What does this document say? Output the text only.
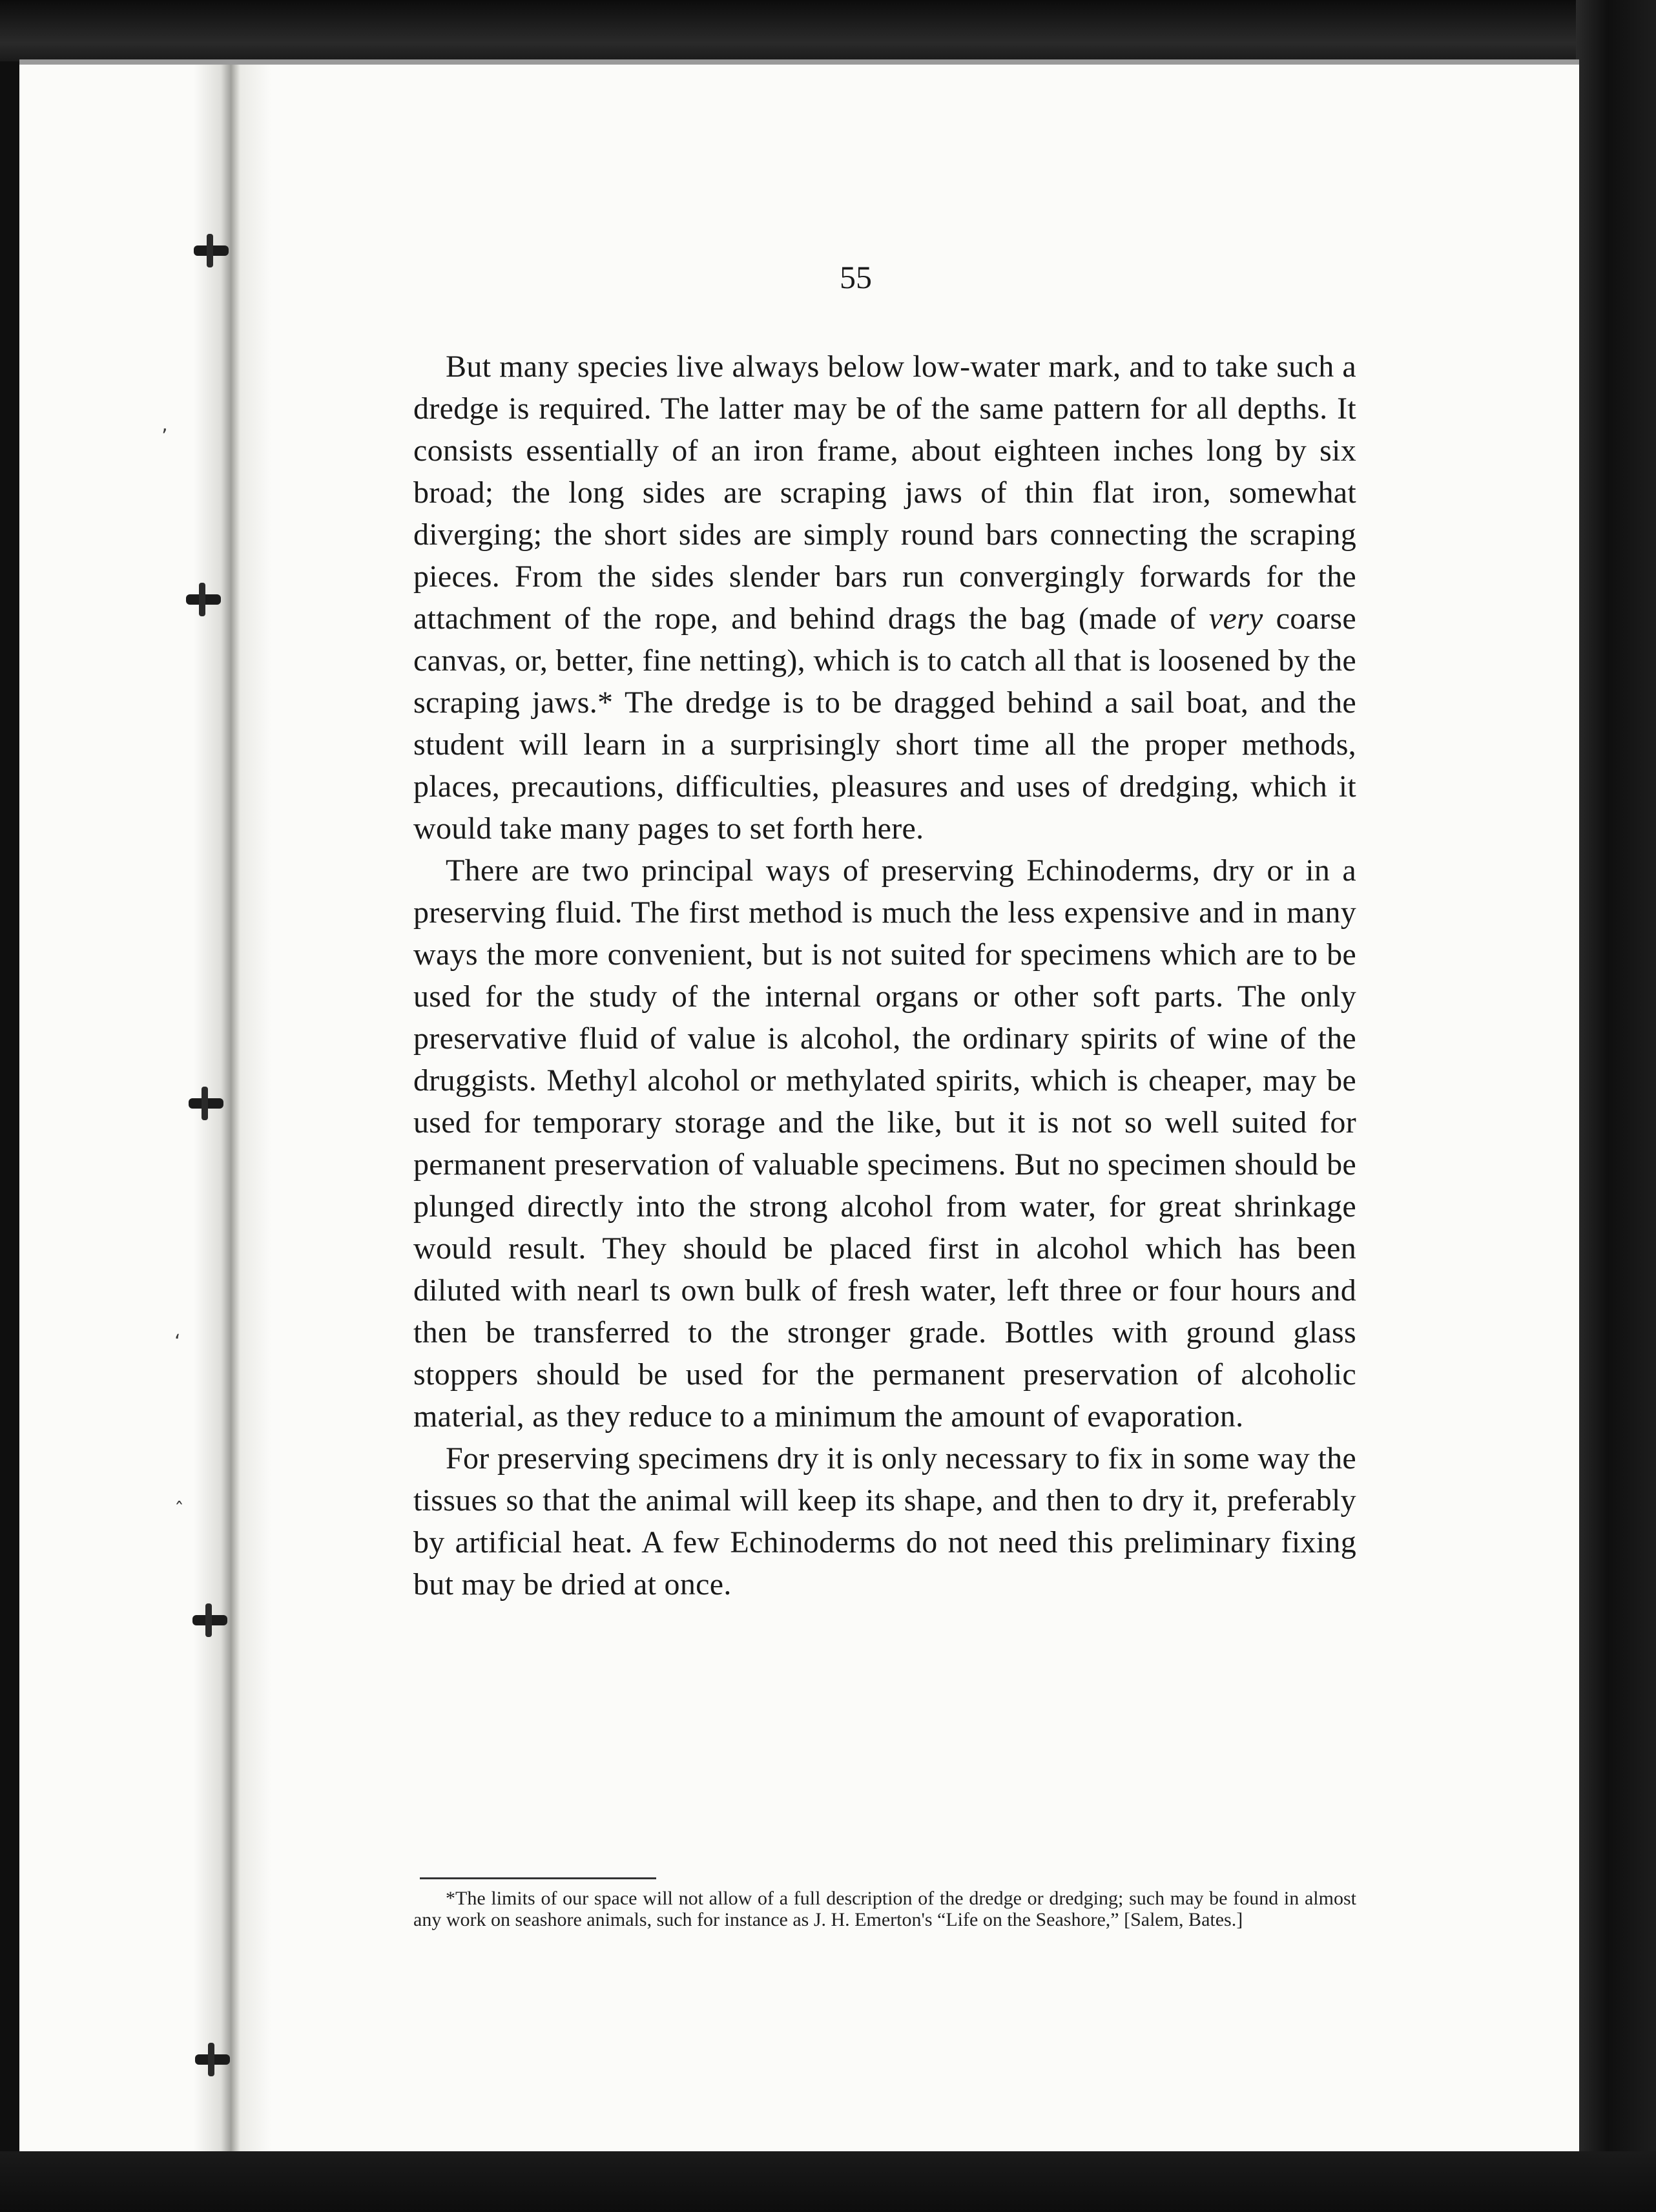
‚
‘
ˆ
55

But many species live always below low-water mark, and to take such a dredge is required. The latter may be of the same pattern for all depths. It consists essentially of an iron frame, about eighteen inches long by six broad; the long sides are scraping jaws of thin flat iron, somewhat diverging; the short sides are simply round bars connecting the scraping pieces. From the sides slender bars run convergingly forwards for the attachment of the rope, and behind drags the bag (made of very coarse canvas, or, better, fine netting), which is to catch all that is loosened by the scraping jaws.* The dredge is to be dragged behind a sail boat, and the student will learn in a surprisingly short time all the proper methods, places, precautions, difficulties, pleasures and uses of dredging, which it would take many pages to set forth here.

There are two principal ways of preserving Echinoderms, dry or in a preserving fluid. The first method is much the less expensive and in many ways the more convenient, but is not suited for specimens which are to be used for the study of the internal organs or other soft parts. The only preservative fluid of value is alcohol, the ordinary spirits of wine of the druggists. Methyl alcohol or methylated spirits, which is cheaper, may be used for temporary storage and the like, but it is not so well suited for permanent preservation of valuable specimens. But no specimen should be plunged directly into the strong alcohol from water, for great shrinkage would result. They should be placed first in alcohol which has been diluted with nearl ts own bulk of fresh water, left three or four hours and then be transferred to the stronger grade. Bottles with ground glass stoppers should be used for the permanent preservation of alcoholic material, as they reduce to a minimum the amount of evaporation.

For preserving specimens dry it is only necessary to fix in some way the tissues so that the animal will keep its shape, and then to dry it, preferably by artificial heat. A few Echinoderms do not need this preliminary fixing but may be dried at once.

*The limits of our space will not allow of a full description of the dredge or dredging; such may be found in almost any work on seashore animals, such for instance as J. H. Emerton's “Life on the Seashore,” [Salem, Bates.]
